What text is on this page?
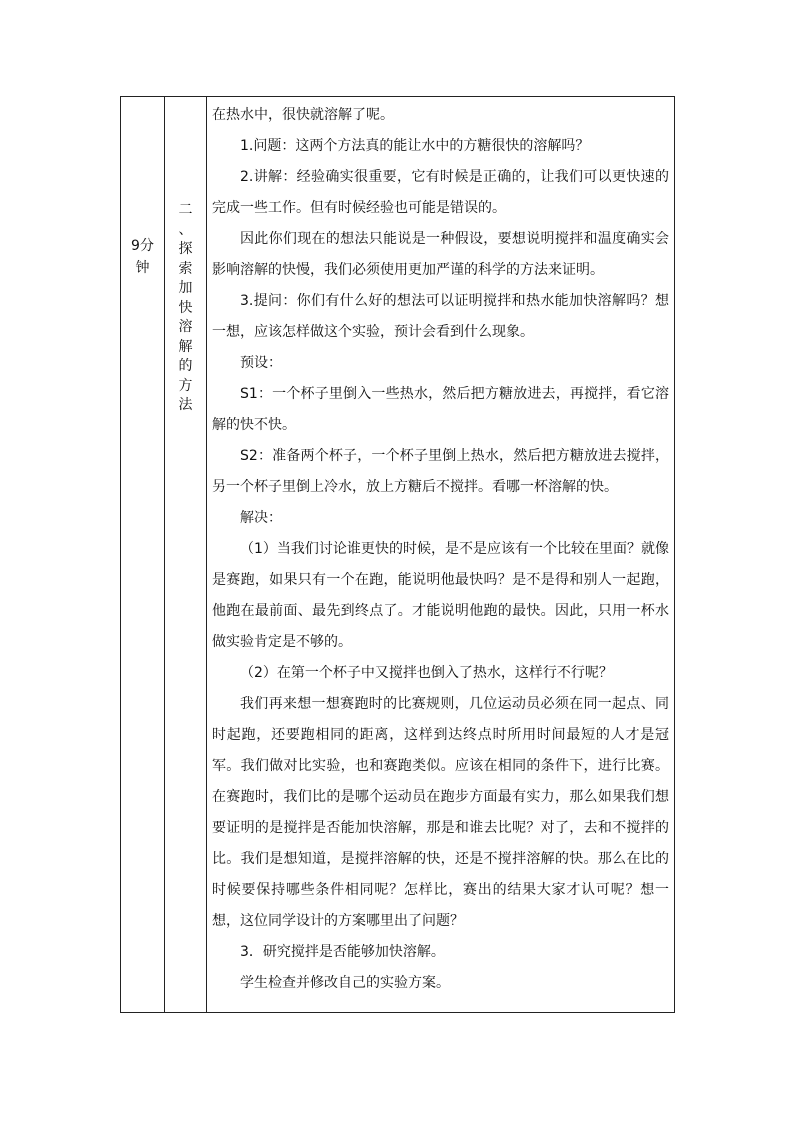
9分钟
二
、
探
索
加
快
溶
解
的
方
法

在热水中，很快就溶解了呢。

1.问题：这两个方法真的能让水中的方糖很快的溶解吗？

2.讲解：经验确实很重要，它有时候是正确的，让我们可以更快速的完成一些工作。但有时候经验也可能是错误的。

因此你们现在的想法只能说是一种假设，要想说明搅拌和温度确实会影响溶解的快慢，我们必须使用更加严谨的科学的方法来证明。

3.提问：你们有什么好的想法可以证明搅拌和热水能加快溶解吗？想一想，应该怎样做这个实验，预计会看到什么现象。

预设：

S1：一个杯子里倒入一些热水，然后把方糖放进去，再搅拌，看它溶解的快不快。

S2：准备两个杯子，一个杯子里倒上热水，然后把方糖放进去搅拌，另一个杯子里倒上冷水，放上方糖后不搅拌。看哪一杯溶解的快。

解决：

（1）当我们讨论谁更快的时候，是不是应该有一个比较在里面？就像是赛跑，如果只有一个在跑，能说明他最快吗？是不是得和别人一起跑，他跑在最前面、最先到终点了。才能说明他跑的最快。因此，只用一杯水做实验肯定是不够的。

（2）在第一个杯子中又搅拌也倒入了热水，这样行不行呢？

我们再来想一想赛跑时的比赛规则，几位运动员必须在同一起点、同时起跑，还要跑相同的距离，这样到达终点时所用时间最短的人才是冠军。我们做对比实验，也和赛跑类似。应该在相同的条件下，进行比赛。在赛跑时，我们比的是哪个运动员在跑步方面最有实力，那么如果我们想要证明的是搅拌是否能加快溶解，那是和谁去比呢？对了，去和不搅拌的比。我们是想知道，是搅拌溶解的快，还是不搅拌溶解的快。那么在比的时候要保持哪些条件相同呢？怎样比，赛出的结果大家才认可呢？想一想，这位同学设计的方案哪里出了问题？

3．研究搅拌是否能够加快溶解。

学生检查并修改自己的实验方案。
